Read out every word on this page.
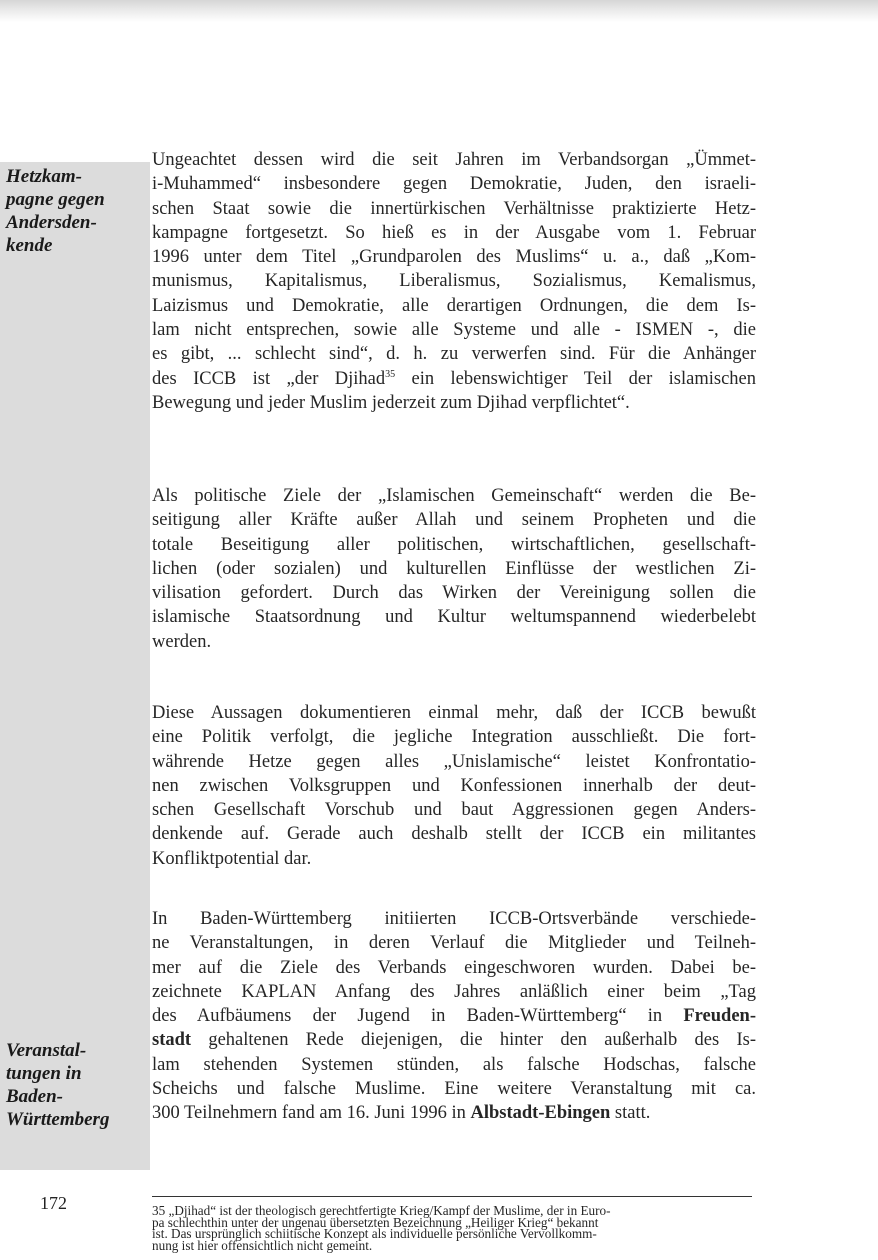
Hetzkam-
pagne gegen
Andersden-
kende
Veranstal-
tungen in
Baden-
Württemberg
Ungeachtet dessen wird die seit Jahren im Verbandsorgan „Ümmet-
i-Muhammed“ insbesondere gegen Demokratie, Juden, den israeli-
schen Staat sowie die innertürkischen Verhältnisse praktizierte Hetz-
kampagne fortgesetzt. So hieß es in der Ausgabe vom 1. Februar
1996 unter dem Titel „Grundparolen des Muslims“ u. a., daß „Kom-
munismus, Kapitalismus, Liberalismus, Sozialismus, Kemalismus,
Laizismus und Demokratie, alle derartigen Ordnungen, die dem Is-
lam nicht entsprechen, sowie alle Systeme und alle - ISMEN -, die
es gibt, ... schlecht sind“, d. h. zu verwerfen sind. Für die Anhänger
des ICCB ist „der Djihad$^{35}$ ein lebenswichtiger Teil der islamischen
Bewegung und jeder Muslim jederzeit zum Djihad verpflichtet“.
Als politische Ziele der „Islamischen Gemeinschaft“ werden die Be-
seitigung aller Kräfte außer Allah und seinem Propheten und die
totale Beseitigung aller politischen, wirtschaftlichen, gesellschaft-
lichen (oder sozialen) und kulturellen Einflüsse der westlichen Zi-
vilisation gefordert. Durch das Wirken der Vereinigung sollen die
islamische Staatsordnung und Kultur weltumspannend wiederbelebt
werden.
Diese Aussagen dokumentieren einmal mehr, daß der ICCB bewußt
eine Politik verfolgt, die jegliche Integration ausschließt. Die fort-
währende Hetze gegen alles „Unislamische“ leistet Konfrontatio-
nen zwischen Volksgruppen und Konfessionen innerhalb der deut-
schen Gesellschaft Vorschub und baut Aggressionen gegen Anders-
denkende auf. Gerade auch deshalb stellt der ICCB ein militantes
Konfliktpotential dar.
In Baden-Württemberg initiierten ICCB-Ortsverbände verschiede-
ne Veranstaltungen, in deren Verlauf die Mitglieder und Teilneh-
mer auf die Ziele des Verbands eingeschworen wurden. Dabei be-
zeichnete KAPLAN Anfang des Jahres anläßlich einer beim „Tag
des Aufbäumens der Jugend in Baden-Württemberg“ in Freuden-
stadt gehaltenen Rede diejenigen, die hinter den außerhalb des Is-
lam stehenden Systemen stünden, als falsche Hodschas, falsche
Scheichs und falsche Muslime. Eine weitere Veranstaltung mit ca.
300 Teilnehmern fand am 16. Juni 1996 in Albstadt-Ebingen statt.
172	35 „Djihad“ ist der theologisch gerechtfertigte Krieg/Kampf der Muslime, der in Euro-
pa schlechthin unter der ungenau übersetzten Bezeichnung „Heiliger Krieg“ bekannt
ist. Das ursprünglich schiitische Konzept als individuelle persönliche Vervollkomm-
nung ist hier offensichtlich nicht gemeint.
